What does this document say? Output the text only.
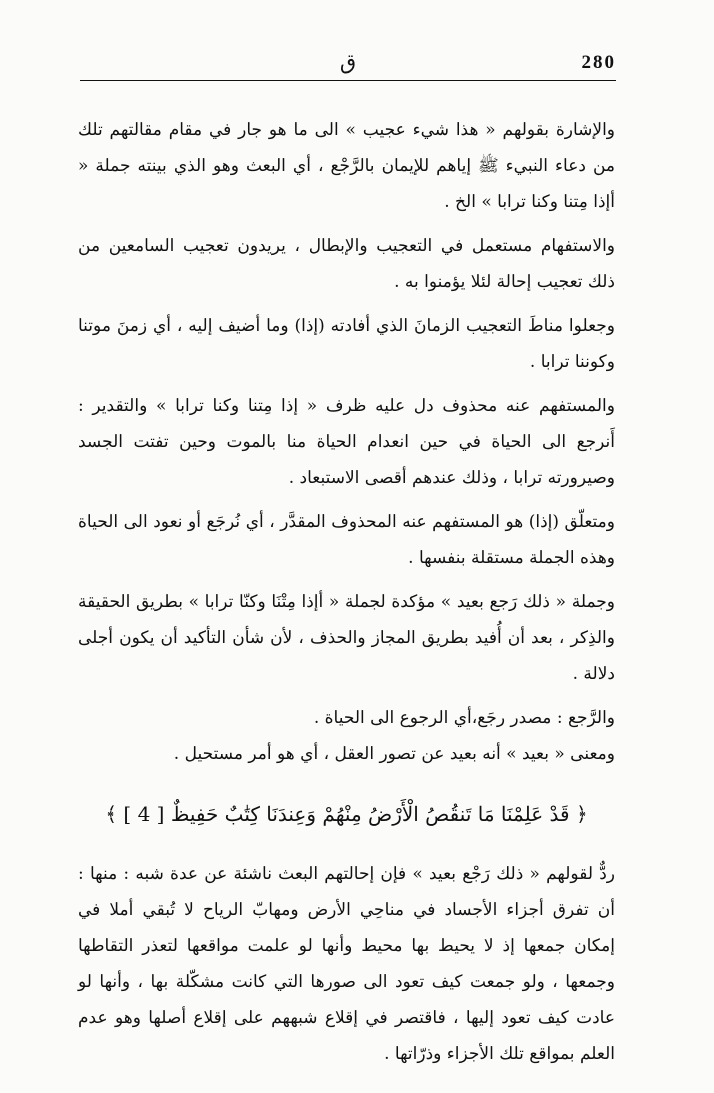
280
ق

والإشارة بقولهم « هذا شيء عجيب » الى ما هو جار في مقام مقالتهم تلك من دعاء النبيء ﷺ إياهم للإيمان بالرَّجْع ، أي البعث وهو الذي بينته جملة « أإذا مِتنا وكنا ترابا » الخ .

والاستفهام مستعمل في التعجيب والإبطال ، يريدون تعجيب السامعين من ذلك تعجيب إحالة لئلا يؤمنوا به .

وجعلوا مناطَ التعجيب الزمانَ الذي أفادته (إذا) وما أضيف إليه ، أي زمنَ موتنا وكوننا ترابا .

والمستفهم عنه محذوف دل عليه ظرف « إذا مِتنا وكنا ترابا » والتقدير : أَنرجع الى الحياة في حين انعدام الحياة منا بالموت وحين تفتت الجسد وصيرورته ترابا ، وذلك عندهم أقصى الاستبعاد .

ومتعلّق (إذا) هو المستفهم عنه المحذوف المقدَّر ، أي نُرجَع أو نعود الى الحياة وهذه الجملة مستقلة بنفسها .

وجملة « ذلك رَجع بعيد » مؤكدة لجملة « أإذا مِتْنَا وكنّا ترابا » بطريق الحقيقة والذِكر ، بعد أن أُفيد بطريق المجاز والحذف ، لأن شأن التأكيد أن يكون أجلى دلالة .

والرَّجع : مصدر رجَع،أي الرجوع الى الحياة .

ومعنى « بعيد » أنه بعيد عن تصور العقل ، أي هو أمر مستحيل .

﴿ قَدْ عَلِمْنَا مَا تَنقُصُ الْأَرْضُ مِنْهُمْ وَعِندَنَا كِتَٰبٌ حَفِيظٌ [ 4 ] ﴾

ردٌّ لقولهم « ذلك رَجْع بعيد » فإن إحالتهم البعث ناشئة عن عدة شبه : منها : أن تفرق أجزاء الأجساد في مناحِي الأرض ومهابّ الرياح لا تُبقي أملا في إمكان جمعها إذ لا يحيط بها محيط وأنها لو علمت مواقعها لتعذر التقاطها وجمعها ، ولو جمعت كيف تعود الى صورها التي كانت مشكّلة بها ، وأنها لو عادت كيف تعود إليها ، فاقتصر في إقلاع شبههم على إقلاع أصلها وهو عدم العلم بمواقع تلك الأجزاء وذرّاتها .
